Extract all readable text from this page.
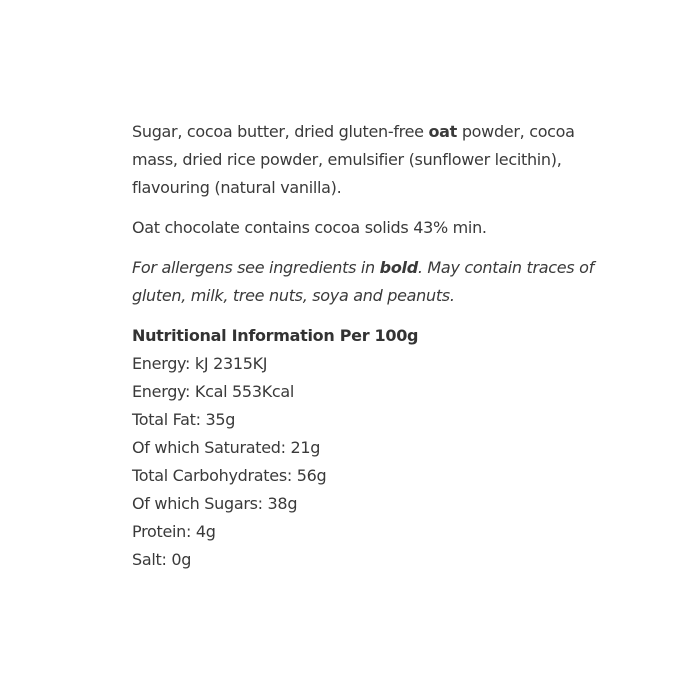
Sugar, cocoa butter, dried gluten-free oat powder, cocoa mass, dried rice powder, emulsifier (sunflower lecithin), flavouring (natural vanilla).

Oat chocolate contains cocoa solids 43% min.

For allergens see ingredients in bold. May contain traces of gluten, milk, tree nuts, soya and peanuts.

Nutritional Information Per 100g

Energy: kJ 2315KJ
Energy: Kcal 553Kcal
Total Fat: 35g
Of which Saturated: 21g
Total Carbohydrates: 56g
Of which Sugars: 38g
Protein: 4g
Salt: 0g
